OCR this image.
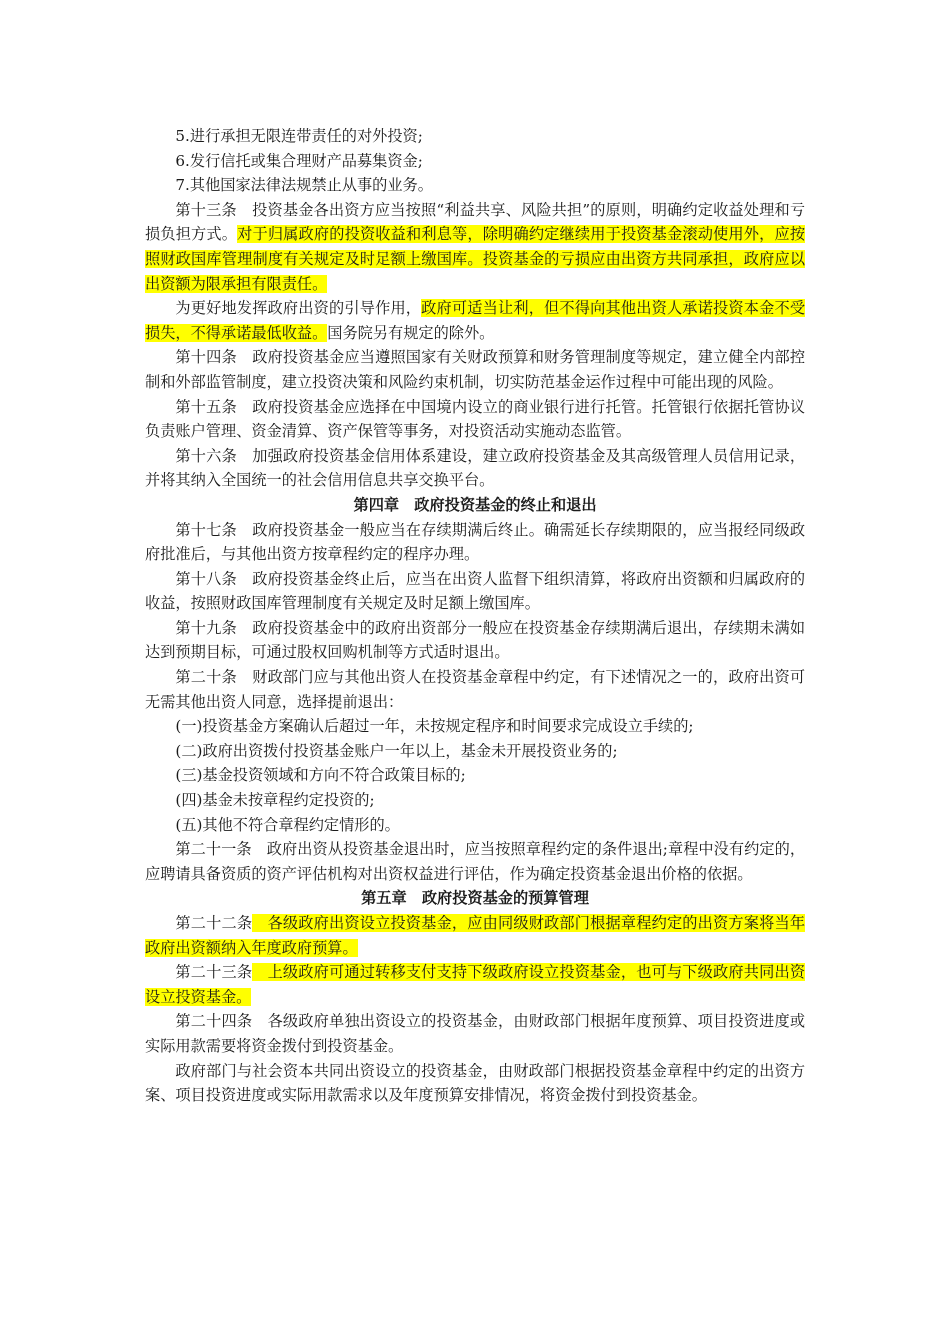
5.进行承担无限连带责任的对外投资;

6.发行信托或集合理财产品募集资金;

7.其他国家法律法规禁止从事的业务。

第十三条 投资基金各出资方应当按照“利益共享、风险共担”的原则，明确约定收益处理和亏损负担方式。对于归属政府的投资收益和利息等，除明确约定继续用于投资基金滚动使用外，应按照财政国库管理制度有关规定及时足额上缴国库。投资基金的亏损应由出资方共同承担，政府应以出资额为限承担有限责任。

为更好地发挥政府出资的引导作用，政府可适当让利，但不得向其他出资人承诺投资本金不受损失，不得承诺最低收益。国务院另有规定的除外。

第十四条 政府投资基金应当遵照国家有关财政预算和财务管理制度等规定，建立健全内部控制和外部监管制度，建立投资决策和风险约束机制，切实防范基金运作过程中可能出现的风险。

第十五条 政府投资基金应选择在中国境内设立的商业银行进行托管。托管银行依据托管协议负责账户管理、资金清算、资产保管等事务，对投资活动实施动态监管。

第十六条 加强政府投资基金信用体系建设，建立政府投资基金及其高级管理人员信用记录，并将其纳入全国统一的社会信用信息共享交换平台。

第四章　政府投资基金的终止和退出

第十七条 政府投资基金一般应当在存续期满后终止。确需延长存续期限的，应当报经同级政府批准后，与其他出资方按章程约定的程序办理。

第十八条 政府投资基金终止后，应当在出资人监督下组织清算，将政府出资额和归属政府的收益，按照财政国库管理制度有关规定及时足额上缴国库。

第十九条 政府投资基金中的政府出资部分一般应在投资基金存续期满后退出，存续期未满如达到预期目标，可通过股权回购机制等方式适时退出。

第二十条 财政部门应与其他出资人在投资基金章程中约定，有下述情况之一的，政府出资可无需其他出资人同意，选择提前退出：

(一)投资基金方案确认后超过一年，未按规定程序和时间要求完成设立手续的;

(二)政府出资拨付投资基金账户一年以上，基金未开展投资业务的;

(三)基金投资领域和方向不符合政策目标的;

(四)基金未按章程约定投资的;

(五)其他不符合章程约定情形的。

第二十一条 政府出资从投资基金退出时，应当按照章程约定的条件退出;章程中没有约定的，应聘请具备资质的资产评估机构对出资权益进行评估，作为确定投资基金退出价格的依据。

第五章　政府投资基金的预算管理

第二十二条 各级政府出资设立投资基金，应由同级财政部门根据章程约定的出资方案将当年政府出资额纳入年度政府预算。

第二十三条 上级政府可通过转移支付支持下级政府设立投资基金，也可与下级政府共同出资设立投资基金。

第二十四条 各级政府单独出资设立的投资基金，由财政部门根据年度预算、项目投资进度或实际用款需要将资金拨付到投资基金。

政府部门与社会资本共同出资设立的投资基金，由财政部门根据投资基金章程中约定的出资方案、项目投资进度或实际用款需求以及年度预算安排情况，将资金拨付到投资基金。
